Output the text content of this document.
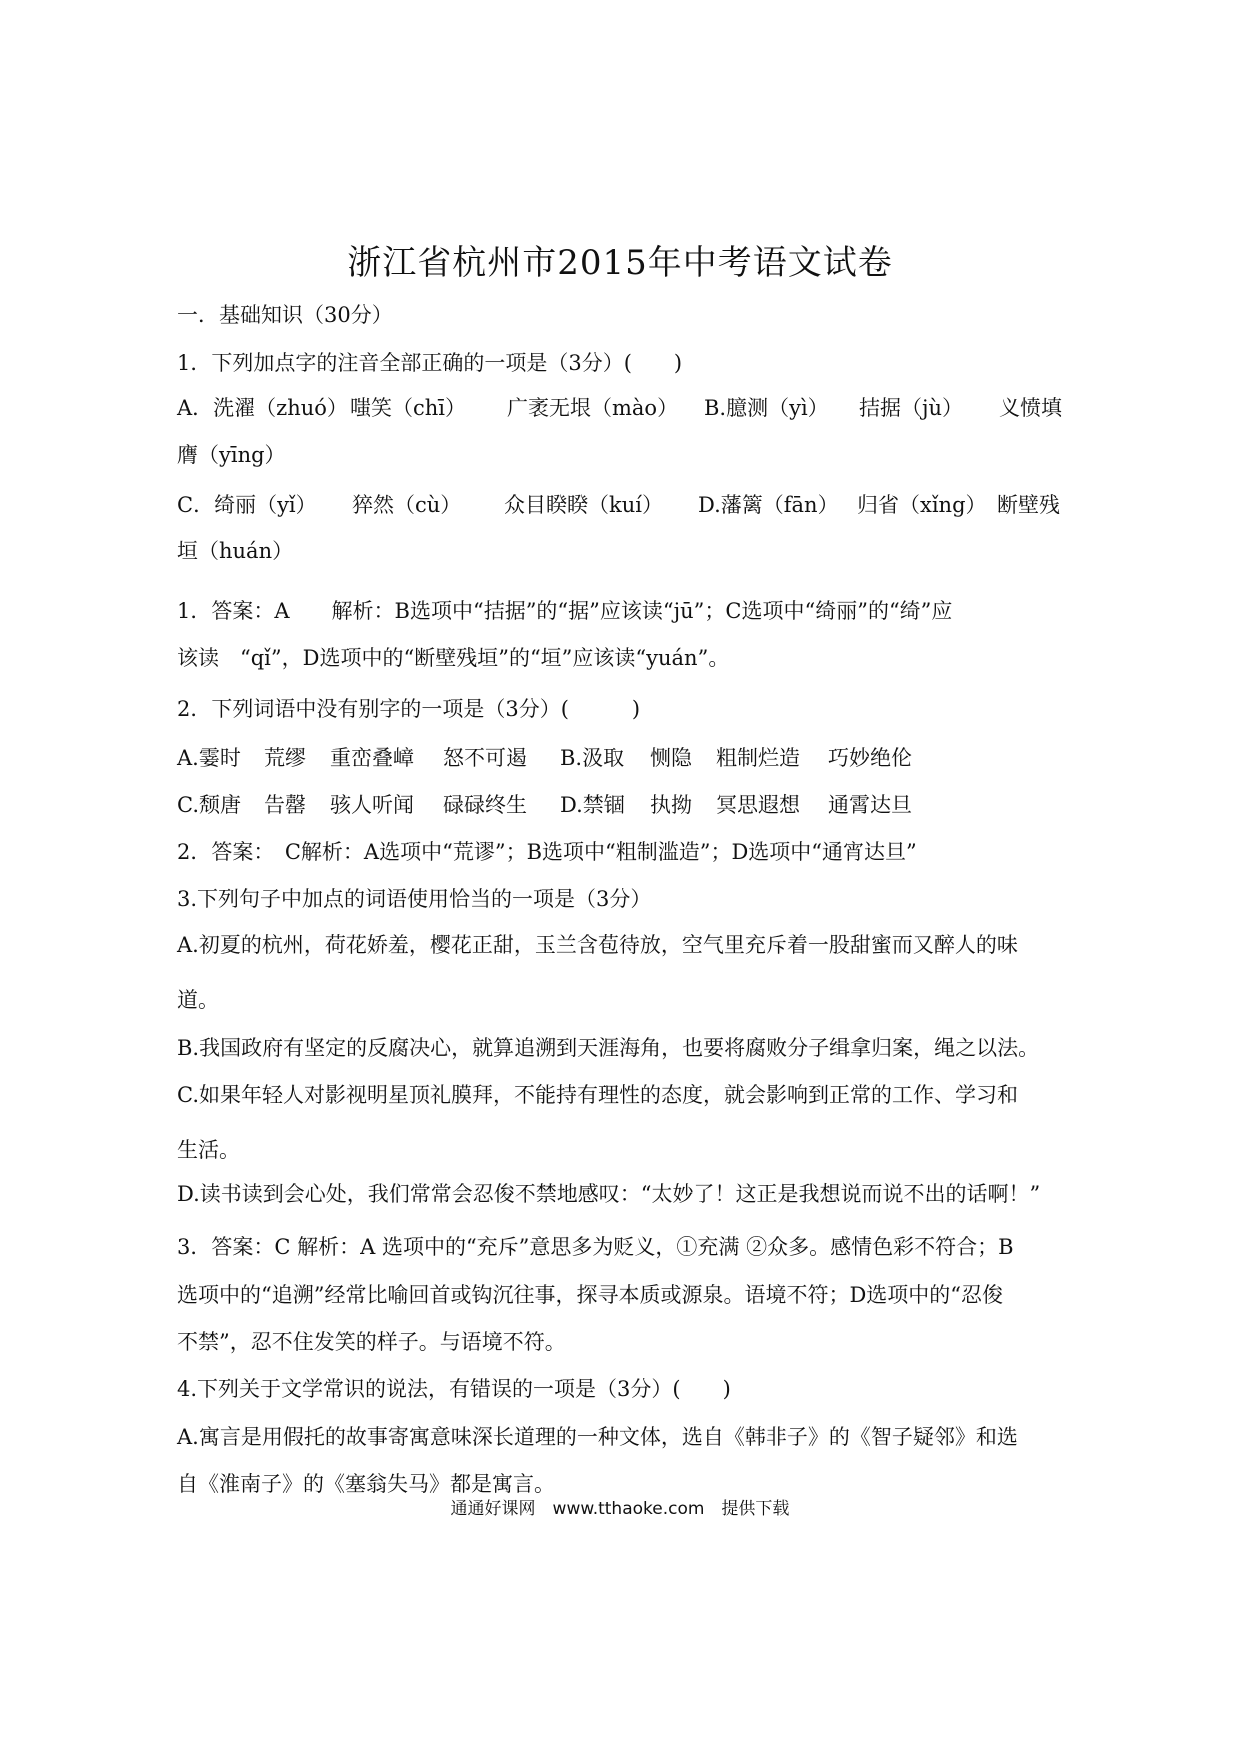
浙江省杭州市2015年中考语文试卷

一．基础知识（30分）

1．下列加点字的注音全部正确的一项是（3分）(　　)

A．洗濯（zhuó） 嗤笑（chī） 广袤无垠（mào） B.臆测（yì） 拮据（jù） 义愤填

膺（yīng）

C．绮丽（yǐ） 猝然（cù） 众目睽睽（kuí） D.藩篱（fān） 归省（xǐng） 断壁残

垣（huán）

1．答案：A　　解析：B选项中“拮据”的“据”应该读“jū”；C选项中“绮丽”的“绮”应

该读　“qǐ”，D选项中的“断壁残垣”的“垣”应该读“yuán”。

2．下列词语中没有别字的一项是（3分）(　　　)

A.霎时 荒缪 重峦叠嶂 怒不可遏 B.汲取 恻隐 粗制烂造 巧妙绝伦
C.颓唐 告罄 骇人听闻 碌碌终生 D.禁锢 执拗 冥思遐想 通霄达旦

2．答案：　C解析：A选项中“荒谬”；B选项中“粗制滥造”；D选项中“通宵达旦”

3.下列句子中加点的词语使用恰当的一项是（3分）

A.初夏的杭州，荷花娇羞，樱花正甜，玉兰含苞待放，空气里充斥着一股甜蜜而又醉人的味

道。

B.我国政府有坚定的反腐决心，就算追溯到天涯海角，也要将腐败分子缉拿归案，绳之以法。

C.如果年轻人对影视明星顶礼膜拜，不能持有理性的态度，就会影响到正常的工作、学习和

生活。

D.读书读到会心处，我们常常会忍俊不禁地感叹：“太妙了！这正是我想说而说不出的话啊！”

3．答案：C 解析：A 选项中的“充斥”意思多为贬义，①充满 ②众多。感情色彩不符合；B

选项中的“追溯”经常比喻回首或钩沉往事，探寻本质或源泉。语境不符；D选项中的“忍俊

不禁”，忍不住发笑的样子。与语境不符。

4.下列关于文学常识的说法，有错误的一项是（3分）(　　)

A.寓言是用假托的故事寄寓意味深长道理的一种文体，选自《韩非子》的《智子疑邻》和选

自《淮南子》的《塞翁失马》都是寓言。

通通好课网　www.tthaoke.com　提供下载
